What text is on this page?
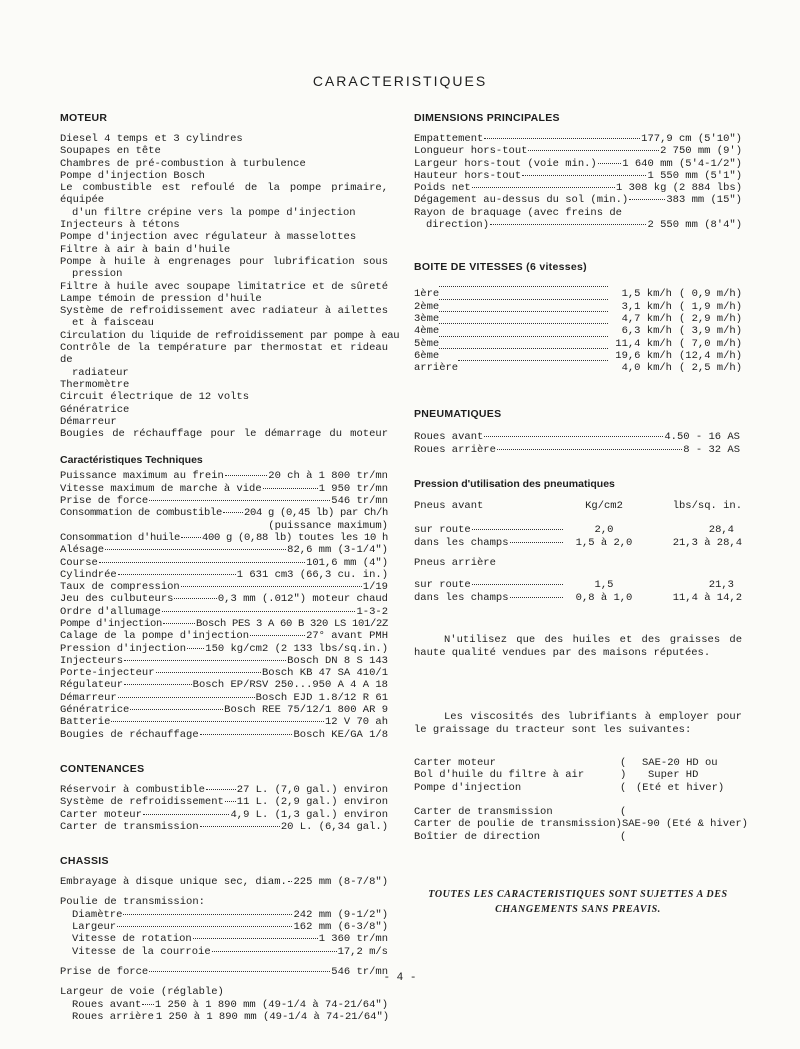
CARACTERISTIQUES
MOTEUR
Diesel 4 temps et 3 cylindres
Soupapes en tête
Chambres de pré-combustion à turbulence
Pompe d'injection Bosch
Le combustible est refoulé de la pompe primaire, équipée
d'un filtre crépine vers la pompe d'injection
Injecteurs à tétons
Pompe d'injection avec régulateur à masselottes
Filtre à air à bain d'huile
Pompe à huile à engrenages pour lubrification sous
pression
Filtre à huile avec soupape limitatrice et de sûreté
Lampe témoin de pression d'huile
Système de refroidissement avec radiateur à ailettes
et à faisceau
Circulation du liquide de refroidissement par pompe à eau
Contrôle de la température par thermostat et rideau de
radiateur
Thermomètre
Circuit électrique de 12 volts
Génératrice
Démarreur
Bougies de réchauffage pour le démarrage du moteur
Caractéristiques Techniques
Puissance maximum au frein	20 ch à 1 800 tr/mn
Vitesse maximum de marche à vide	1 950 tr/mn
Prise de force	546 tr/mn
Consommation de combustible 204 g (0,45 lb) par Ch/h
(puissance maximum)
Consommation d'huile 400 g (0,88 lb) toutes les 10 h
Alésage	82,6 mm (3-1/4")
Course	101,6 mm (4")
Cylindrée	1 631 cm3 (66,3 cu. in.)
Taux de compression	1/19
Jeu des culbuteurs	0,3 mm (.012") moteur chaud
Ordre d'allumage	1-3-2
Pompe d'injection	Bosch PES 3 A 60 B 320 LS 101/2Z
Calage de la pompe d'injection	27° avant PMH
Pression d'injection 150 kg/cm2 (2 133 lbs/sq.in.)
Injecteurs	Bosch DN 8 S 143
Porte-injecteur	Bosch KB 47 SA 410/1
Régulateur	Bosch EP/RSV 250...950 A 4 A 18
Démarreur	Bosch EJD 1.8/12 R 61
Génératrice	Bosch REE 75/12/1 800 AR 9
Batterie	12 V 70 ah
Bougies de réchauffage	Bosch KE/GA 1/8
CONTENANCES
Réservoir à combustible	27 L. (7,0 gal.) environ
Système de refroidissement 11 L. (2,9 gal.) environ
Carter moteur	4,9 L. (1,3 gal.) environ
Carter de transmission	20 L. (6,34 gal.)
CHASSIS
Embrayage à disque unique sec, diam. 225 mm (8-7/8")
Poulie de transmission:
Diamètre	242 mm (9-1/2")
Largeur	162 mm (6-3/8")
Vitesse de rotation	1 360 tr/mn
Vitesse de la courroie	17,2 m/s
Prise de force	546 tr/mn
Largeur de voie (réglable)
Roues avant 1 250 à 1 890 mm (49-1/4 à 74-21/64")
Roues arrière 1 250 à 1 890 mm (49-1/4 à 74-21/64")
DIMENSIONS PRINCIPALES
Empattement	177,9 cm (5'10")
Longueur hors-tout	2 750 mm (9')
Largeur hors-tout (voie min.) 1 640 mm (5'4-1/2")
Hauteur hors-tout	1 550 mm (5'1")
Poids net	1 308 kg (2 884 lbs)
Dégagement au-dessus du sol (min.)	383 mm (15")
Rayon de braquage (avec freins de
direction)	2 550 mm (8'4")
BOITE DE VITESSES (6 vitesses)
1ère	1,5 km/h ( 0,9 m/h)
2ème	3,1 km/h ( 1,9 m/h)
3ème	4,7 km/h ( 2,9 m/h)
4ème	6,3 km/h ( 3,9 m/h)
5ème	11,4 km/h ( 7,0 m/h)
6ème	19,6 km/h (12,4 m/h)
arrière	4,0 km/h ( 2,5 m/h)
PNEUMATIQUES
Roues avant	4.50 - 16 AS
Roues arrière	8 - 32 AS
Pression d'utilisation des pneumatiques
Pneus avant	Kg/cm2	lbs/sq. in.

sur route	2,0	28,4

dans les champs	1,5 à 2,0	21,3 à 28,4

Pneus arrière		

sur route	1,5	21,3

dans les champs	0,8 à 1,0	11,4 à 14,2
N'utilisez que des huiles et des graisses de haute qualité vendues par des maisons réputées.
Les viscosités des lubrifiants à employer pour le graissage du tracteur sont les suivantes:
Carter moteur	(	SAE-20 HD ou
Bol d'huile du filtre à air	)	Super HD
Pompe d'injection	( (Eté et hiver)
Carter de transmission	(
Carter de poulie de transmission ) SAE-90 (Eté & hiver)
Boîtier de direction	(
TOUTES LES CARACTERISTIQUES SONT SUJETTES A DES
CHANGEMENTS SANS PREAVIS.
- 4 -
